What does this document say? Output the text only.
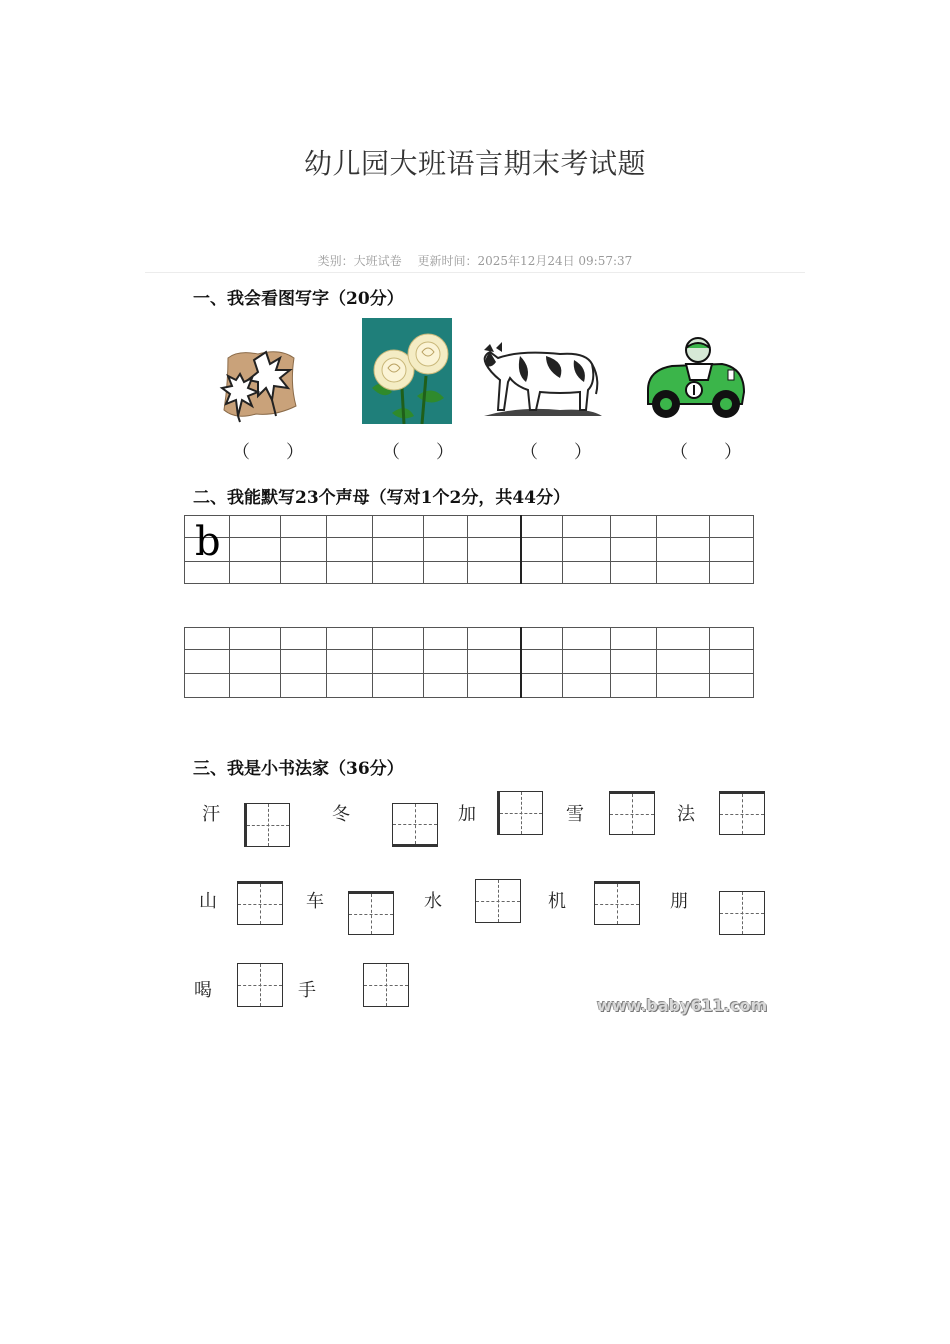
幼儿园大班语言期末考试题
类别：大班试卷 更新时间：2025年12月24日 09:57:37
一、我会看图写字（20分）
（　　）	（　　）	（　　）	（　　）
二、我能默写23个声母（写对1个2分，共44分）

b

三、我是小书法家（36分）
汗	冬	加	雪	法
山	车	水	机	朋
喝	手
www.baby611.com
